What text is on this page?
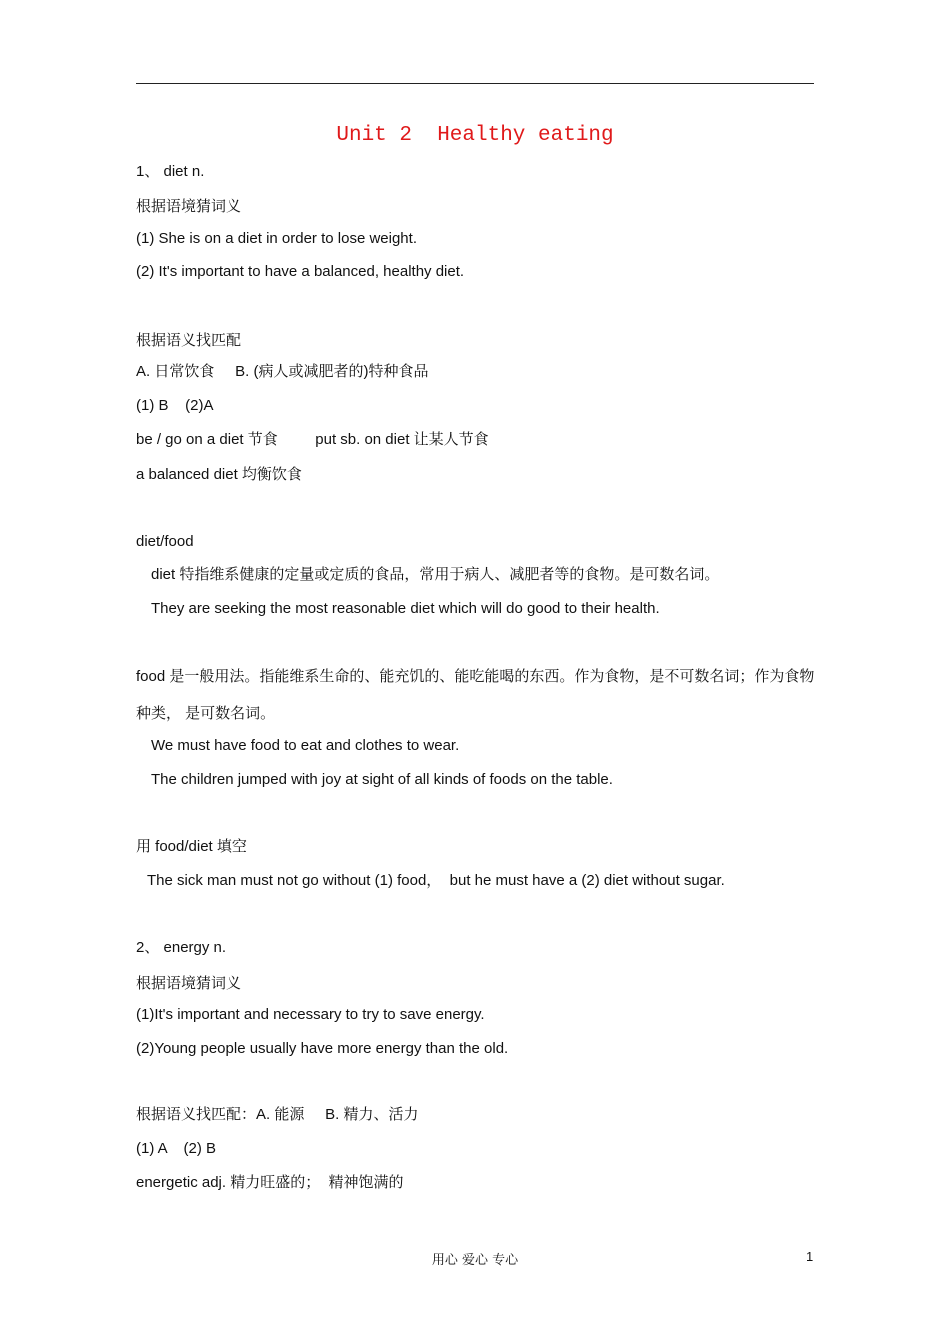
Unit 2  Healthy eating
1、 diet n.
根据语境猜词义
(1) She is on a diet in order to lose weight.
(2) It's important to have a balanced, healthy diet.
根据语义找匹配
A. 日常饮食     B. (病人或减肥者的)特种食品
(1) B    (2)A
be / go on a diet 节食         put sb. on diet 让某人节食
a balanced diet 均衡饮食
diet/food
diet 特指维系健康的定量或定质的食品，常用于病人、减肥者等的食物。是可数名词。
They are seeking the most reasonable diet which will do good to their health.
food 是一般用法。指能维系生命的、能充饥的、能吃能喝的东西。作为食物，是不可数名词；作为食物种类， 是可数名词。
We must have food to eat and clothes to wear.
The children jumped with joy at sight of all kinds of foods on the table.
用 food/diet 填空
The sick man must not go without (1) food，  but he must have a (2) diet without sugar.
2、 energy n.
根据语境猜词义
(1)It's important and necessary to try to save energy.
(2)Young people usually have more energy than the old.
根据语义找匹配：A. 能源     B. 精力、活力
(1) A    (2) B
energetic adj. 精力旺盛的；  精神饱满的
用心 爱心 专心	1
